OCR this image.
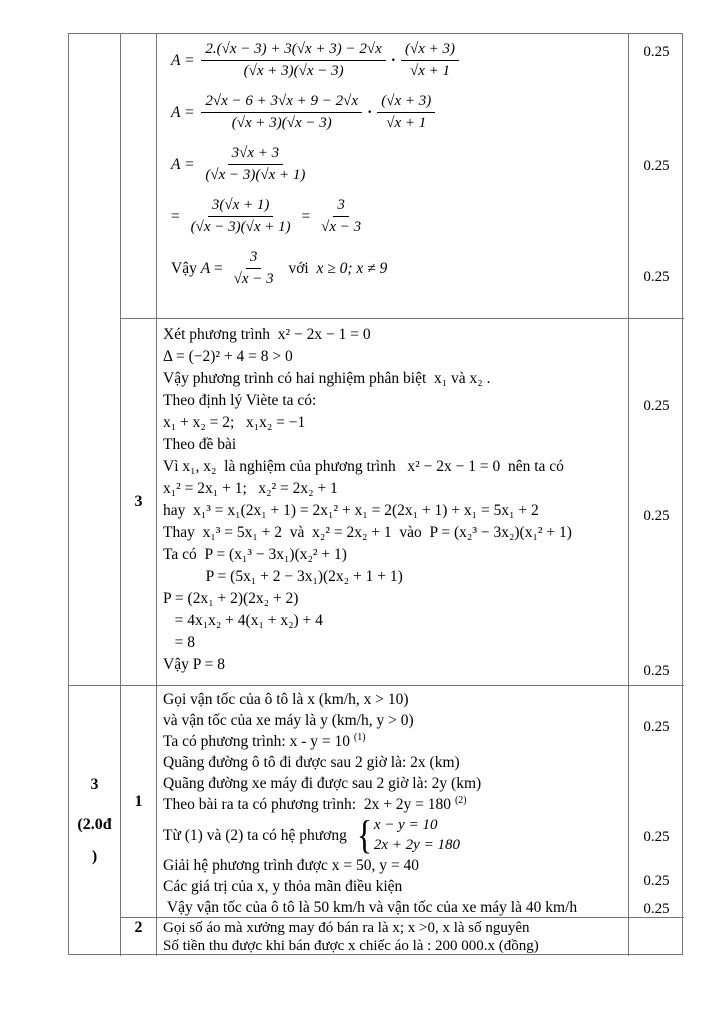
3
(2.0đ
)
3
1
2
$A = \frac{2.(√x - 3) + 3(√x + 3) - 2√x}{(√x + 3)(√x - 3)} \cdot \frac{(√x + 3)}{√x + 1}$
$A = \frac{2√x - 6 + 3√x + 9 - 2√x}{(√x + 3)(√x - 3)} \cdot \frac{(√x + 3)}{√x + 1}$
$A = \frac{3√x + 3}{(√x - 3)(√x + 1)}$
= $\frac{3(√x + 1)}{(√x - 3)(√x + 1)} = \frac{3}{√x - 3}$
Vậy $A = \frac{3}{√x - 3}$ với x ≥ 0; x ≠ 9
Xét phương trình  x² − 2x − 1 = 0
Δ = (−2)² + 4 = 8 > 0
Vậy phương trình có hai nghiệm phân biệt  x₁ và x₂ .
Theo định lý Viète ta có:
x₁ + x₂ = 2;   x₁x₂ = −1
Theo đề bài
Vì x₁, x₂  là nghiệm của phương trình   x² − 2x − 1 = 0  nên ta có
x₁² = 2x₁ + 1;   x₂² = 2x₂ + 1
hay  x₁³ = x₁(2x₁ + 1) = 2x₁² + x₁ = 2(2x₁ + 1) + x₁ = 5x₁ + 2
Thay  x₁³ = 5x₁ + 2  và  x₂² = 2x₂ + 1  vào  P = (x₂³ − 3x₂)(x₁² + 1)
Ta có  P = (x₁³ − 3x₁)(x₂² + 1)
P = (5x₁ + 2 − 3x₁)(2x₂ + 1 + 1)
P = (2x₁ + 2)(2x₂ + 2)
= 4x₁x₂ + 4(x₁ + x₂) + 4
= 8
Vậy P = 8
Gọi vận tốc của ô tô là x (km/h, x > 10)
và vận tốc của xe máy là y (km/h, y > 0)
Ta có phương trình: x - y = 10 (1)
Quãng đường ô tô đi được sau 2 giờ là: 2x (km)
Quãng đường xe máy đi được sau 2 giờ là: 2y (km)
Theo bài ra ta có phương trình:  2x + 2y = 180 (2)
Từ (1) và (2) ta có hệ phương { x − y = 10
2x + 2y = 180
Giải hệ phương trình được x = 50, y = 40
Các giá trị của x, y thỏa mãn điều kiện
Vậy vận tốc của ô tô là 50 km/h và vận tốc của xe máy là 40 km/h
Gọi số áo mà xưởng may đó bán ra là x; x >0, x là số nguyên
Số tiền thu được khi bán được x chiếc áo là : 200 000.x (đồng)
0.25
0.25
0.25
0.25
0.25
0.25
0.25
0.25
0.25
0.25
